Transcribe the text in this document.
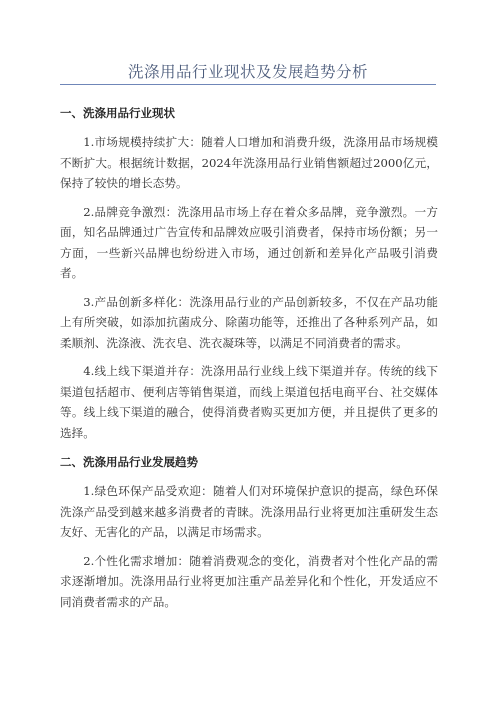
洗涤用品行业现状及发展趋势分析

一、洗涤用品行业现状

1.市场规模持续扩大：随着人口增加和消费升级，洗涤用品市场规模不断扩大。根据统计数据，2024年洗涤用品行业销售额超过2000亿元，保持了较快的增长态势。

2.品牌竞争激烈：洗涤用品市场上存在着众多品牌，竞争激烈。一方面，知名品牌通过广告宣传和品牌效应吸引消费者，保持市场份额；另一方面，一些新兴品牌也纷纷进入市场，通过创新和差异化产品吸引消费者。

3.产品创新多样化：洗涤用品行业的产品创新较多，不仅在产品功能上有所突破，如添加抗菌成分、除菌功能等，还推出了各种系列产品，如柔顺剂、洗涤液、洗衣皂、洗衣凝珠等，以满足不同消费者的需求。

4.线上线下渠道并存：洗涤用品行业线上线下渠道并存。传统的线下渠道包括超市、便利店等销售渠道，而线上渠道包括电商平台、社交媒体等。线上线下渠道的融合，使得消费者购买更加方便，并且提供了更多的选择。

二、洗涤用品行业发展趋势

1.绿色环保产品受欢迎：随着人们对环境保护意识的提高，绿色环保洗涤产品受到越来越多消费者的青睐。洗涤用品行业将更加注重研发生态友好、无害化的产品，以满足市场需求。

2.个性化需求增加：随着消费观念的变化，消费者对个性化产品的需求逐渐增加。洗涤用品行业将更加注重产品差异化和个性化，开发适应不同消费者需求的产品。
